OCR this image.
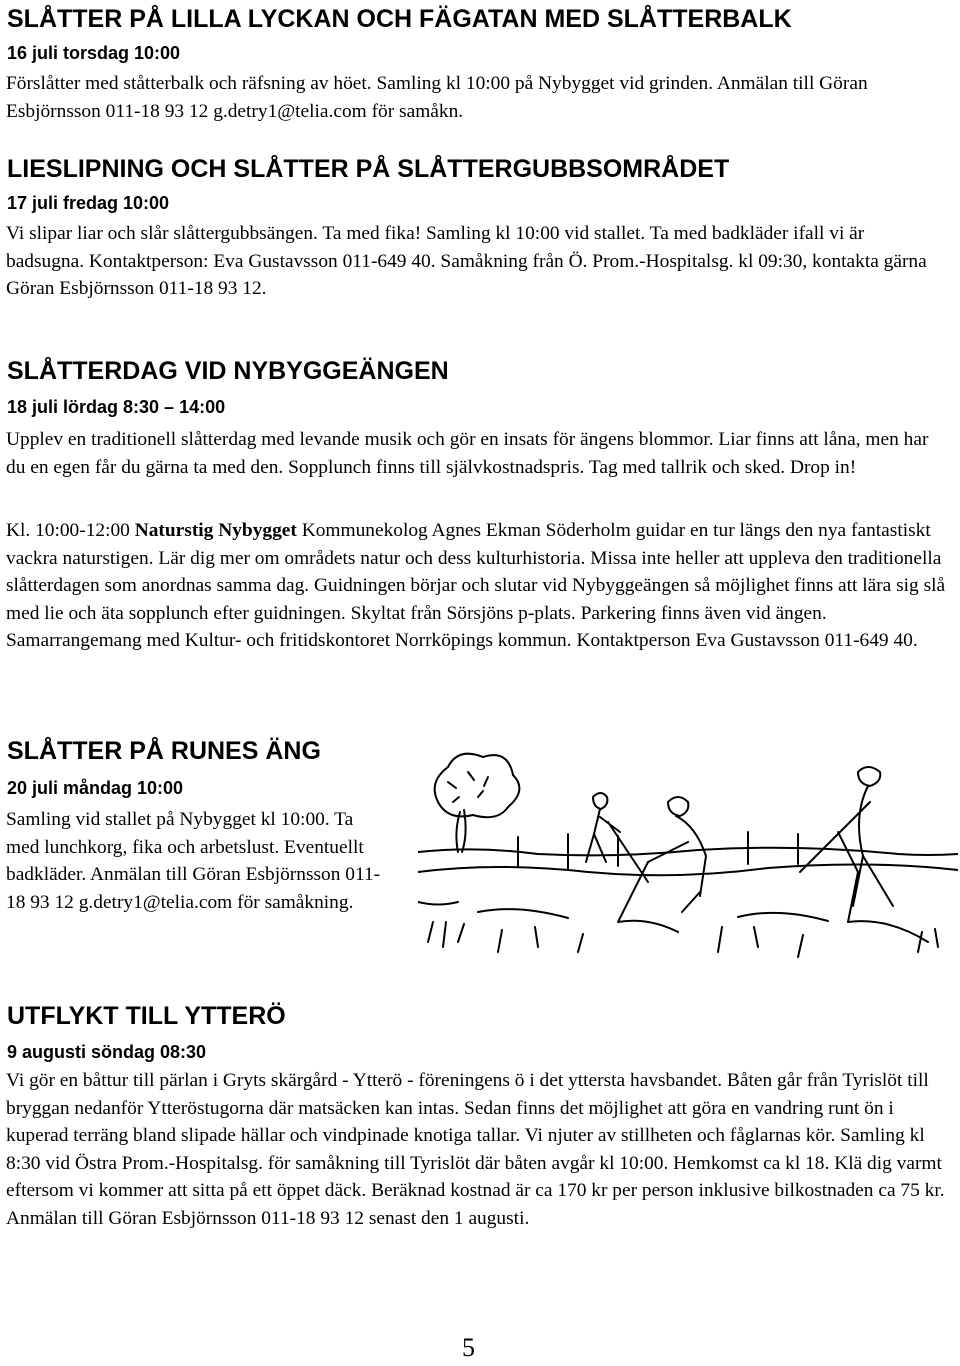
SLÅTTER PÅ LILLA LYCKAN OCH FÄGATAN MED SLÅTTERBALK
16 juli torsdag 10:00

Förslåtter med ståtterbalk och räfsning av höet. Samling kl 10:00 på Nybygget vid grinden. Anmälan till Göran Esbjörnsson 011-18 93 12 g.detry1@telia.com för samåkn.

LIESLIPNING OCH SLÅTTER PÅ SLÅTTERGUBBSOMRÅDET
17 juli fredag 10:00

Vi slipar liar och slår slåttergubbsängen. Ta med fika! Samling kl 10:00 vid stallet. Ta med badkläder ifall vi är badsugna. Kontaktperson: Eva Gustavsson 011-649 40. Samåkning från Ö. Prom.-Hospitalsg. kl 09:30, kontakta gärna Göran Esbjörnsson 011-18 93 12.

SLÅTTERDAG VID NYBYGGEÄNGEN
18 juli lördag 8:30 – 14:00

Upplev en traditionell slåtterdag med levande musik och gör en insats för ängens blommor. Liar finns att låna, men har du en egen får du gärna ta med den. Sopplunch finns till självkostnadspris. Tag med tallrik och sked. Drop in!

Kl. 10:00-12:00 Naturstig Nybygget Kommunekolog Agnes Ekman Söderholm guidar en tur längs den nya fantastiskt vackra naturstigen. Lär dig mer om områdets natur och dess kulturhistoria. Missa inte heller att uppleva den traditionella slåtterdagen som anordnas samma dag. Guidningen börjar och slutar vid Nybyggeängen så möjlighet finns att lära sig slå med lie och äta sopplunch efter guidningen. Skyltat från Sörsjöns p-plats. Parkering finns även vid ängen. Samarrangemang med Kultur- och fritidskontoret Norrköpings kommun. Kontaktperson Eva Gustavsson 011-649 40.

SLÅTTER PÅ RUNES ÄNG
20 juli måndag 10:00

Samling vid stallet på Nybygget kl 10:00. Ta med lunchkorg, fika och arbetslust. Eventuellt badkläder. Anmälan till Göran Esbjörnsson 011-18 93 12 g.detry1@telia.com för samåkning.

UTFLYKT TILL YTTERÖ
9 augusti söndag 08:30

Vi gör en båttur till pärlan i Gryts skärgård - Ytterö - föreningens ö i det yttersta havsbandet. Båten går från Tyrislöt till bryggan nedanför Ytteröstugorna där matsäcken kan intas. Sedan finns det möjlighet att göra en vandring runt ön i kuperad terräng bland slipade hällar och vindpinade knotiga tallar. Vi njuter av stillheten och fåglarnas kör. Samling kl 8:30 vid Östra Prom.-Hospitalsg. för samåkning till Tyrislöt där båten avgår kl 10:00. Hemkomst ca kl 18. Klä dig varmt eftersom vi kommer att sitta på ett öppet däck. Beräknad kostnad är ca 170 kr per person inklusive bilkostnaden ca 75 kr. Anmälan till Göran Esbjörnsson 011-18 93 12 senast den 1 augusti.

5
